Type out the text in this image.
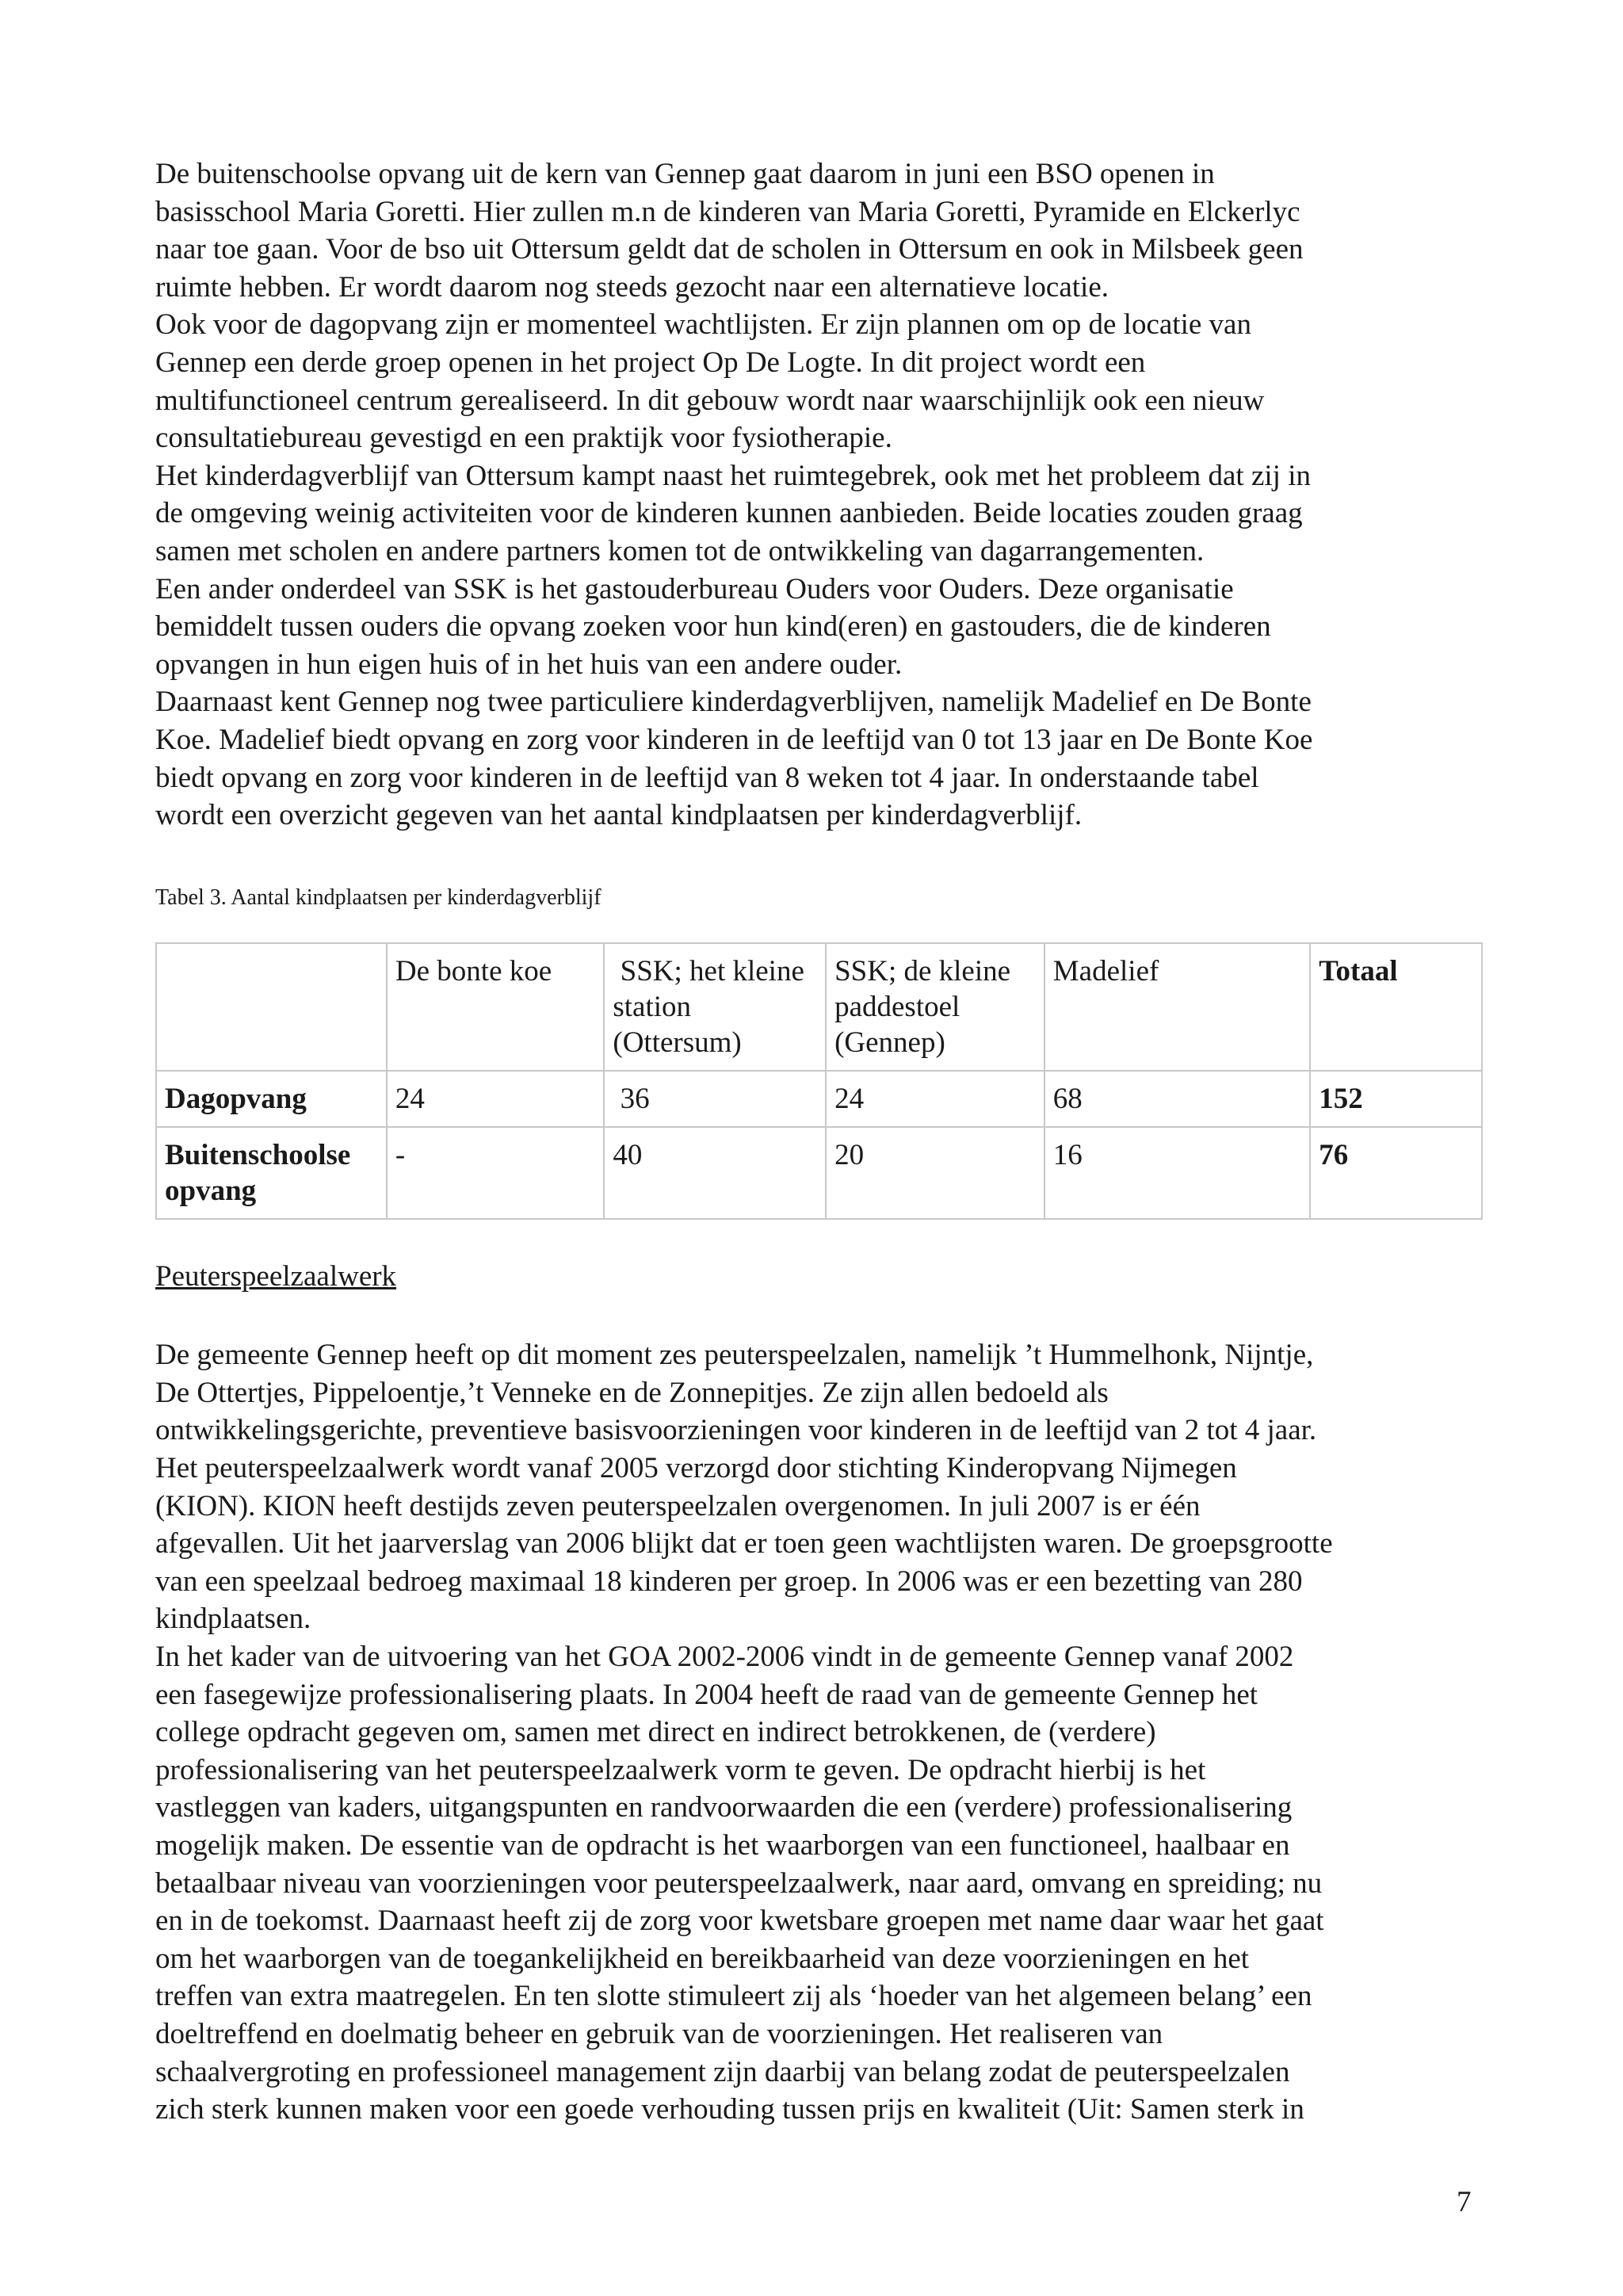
De buitenschoolse opvang uit de kern van Gennep gaat daarom in juni een BSO openen in
basisschool Maria Goretti. Hier zullen m.n de kinderen van Maria Goretti, Pyramide en Elckerlyc
naar toe gaan. Voor de bso uit Ottersum geldt dat de scholen in Ottersum en ook in Milsbeek geen
ruimte hebben. Er wordt daarom nog steeds gezocht naar een alternatieve locatie.
Ook voor de dagopvang zijn er momenteel wachtlijsten. Er zijn plannen om op de locatie van
Gennep een derde groep openen in het project Op De Logte. In dit project wordt een
multifunctioneel centrum gerealiseerd. In dit gebouw wordt naar waarschijnlijk ook een nieuw
consultatiebureau gevestigd en een praktijk voor fysiotherapie.
Het kinderdagverblijf van Ottersum kampt naast het ruimtegebrek, ook met het probleem dat zij in
de omgeving weinig activiteiten voor de kinderen kunnen aanbieden. Beide locaties zouden graag
samen met scholen en andere partners komen tot de ontwikkeling van dagarrangementen.
Een ander onderdeel van SSK is het gastouderbureau Ouders voor Ouders. Deze organisatie
bemiddelt tussen ouders die opvang zoeken voor hun kind(eren) en gastouders, die de kinderen
opvangen in hun eigen huis of in het huis van een andere ouder.
Daarnaast kent Gennep nog twee particuliere kinderdagverblijven, namelijk Madelief en De Bonte
Koe. Madelief biedt opvang en zorg voor kinderen in de leeftijd van 0 tot 13 jaar en De Bonte Koe
biedt opvang en zorg voor kinderen in de leeftijd van 8 weken tot 4 jaar. In onderstaande tabel
wordt een overzicht gegeven van het aantal kindplaatsen per kinderdagverblijf.

Tabel 3. Aantal kindplaatsen per kinderdagverblijf

	De bonte koe	SSK; het kleine station (Ottersum)	SSK; de kleine paddestoel (Gennep)	Madelief	Totaal
Dagopvang	24	36	24	68	152
Buitenschoolse opvang	-	40	20	16	76

Peuterspeelzaalwerk

De gemeente Gennep heeft op dit moment zes peuterspeelzalen, namelijk ’t Hummelhonk, Nijntje,
De Ottertjes, Pippeloentje,’t Venneke en de Zonnepitjes. Ze zijn allen bedoeld als
ontwikkelingsgerichte, preventieve basisvoorzieningen voor kinderen in de leeftijd van 2 tot 4 jaar.
Het peuterspeelzaalwerk wordt vanaf 2005 verzorgd door stichting Kinderopvang Nijmegen
(KION). KION heeft destijds zeven peuterspeelzalen overgenomen. In juli 2007 is er één
afgevallen. Uit het jaarverslag van 2006 blijkt dat er toen geen wachtlijsten waren. De groepsgrootte
van een speelzaal bedroeg maximaal 18 kinderen per groep. In 2006 was er een bezetting van 280
kindplaatsen.
In het kader van de uitvoering van het GOA 2002-2006 vindt in de gemeente Gennep vanaf 2002
een fasegewijze professionalisering plaats. In 2004 heeft de raad van de gemeente Gennep het
college opdracht gegeven om, samen met direct en indirect betrokkenen, de (verdere)
professionalisering van het peuterspeelzaalwerk vorm te geven. De opdracht hierbij is het
vastleggen van kaders, uitgangspunten en randvoorwaarden die een (verdere) professionalisering
mogelijk maken. De essentie van de opdracht is het waarborgen van een functioneel, haalbaar en
betaalbaar niveau van voorzieningen voor peuterspeelzaalwerk, naar aard, omvang en spreiding; nu
en in de toekomst. Daarnaast heeft zij de zorg voor kwetsbare groepen met name daar waar het gaat
om het waarborgen van de toegankelijkheid en bereikbaarheid van deze voorzieningen en het
treffen van extra maatregelen. En ten slotte stimuleert zij als ‘hoeder van het algemeen belang’ een
doeltreffend en doelmatig beheer en gebruik van de voorzieningen. Het realiseren van
schaalvergroting en professioneel management zijn daarbij van belang zodat de peuterspeelzalen
zich sterk kunnen maken voor een goede verhouding tussen prijs en kwaliteit (Uit: Samen sterk in

7
